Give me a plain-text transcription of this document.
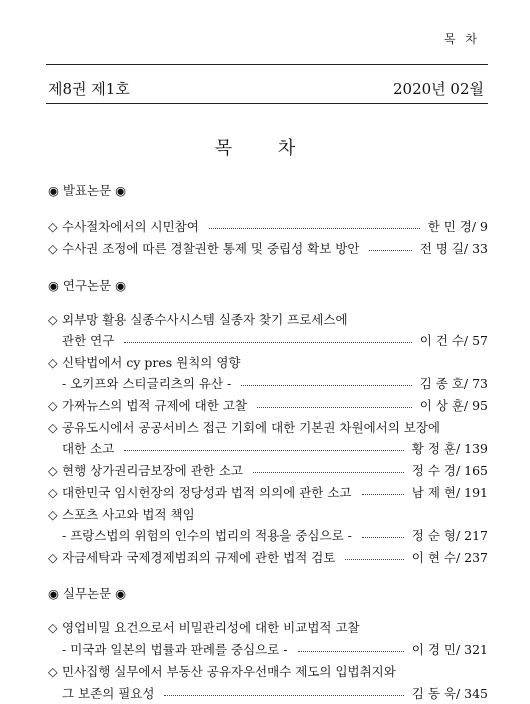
목 차
제8권 제1호	2020년 02월
목 차
◉ 발표논문 ◉
◇ 수사절차에서의 시민참여	한 민 경/ 9
◇ 수사권 조정에 따른 경찰권한 통제 및 중립성 확보 방안	전 명 길/ 33
◉ 연구논문 ◉
◇ 외부망 활용 실종수사시스템 실종자 찾기 프로세스에
관한 연구	이 건 수/ 57
◇ 신탁법에서 cy pres 원칙의 영향
- 오키프와 스티글리츠의 유산 -	김 종 호/ 73
◇ 가짜뉴스의 법적 규제에 대한 고찰	이 상 훈/ 95
◇ 공유도시에서 공공서비스 접근 기회에 대한 기본권 차원에서의 보장에
대한 소고	황 정 훈/ 139
◇ 현행 상가권리금보장에 관한 소고	정 수 경/ 165
◇ 대한민국 임시헌장의 정당성과 법적 의의에 관한 소고	남 제 현/ 191
◇ 스포츠 사고와 법적 책임
- 프랑스법의 위험의 인수의 법리의 적용을 중심으로 -	정 순 형/ 217
◇ 자금세탁과 국제경제범죄의 규제에 관한 법적 검토	이 현 수/ 237
◉ 실무논문 ◉
◇ 영업비밀 요건으로서 비밀관리성에 대한 비교법적 고찰
- 미국과 일본의 법률과 판례를 중심으로 -	이 경 민/ 321
◇ 민사집행 실무에서 부동산 공유자우선매수 제도의 입법취지와
그 보존의 필요성	김 동 욱/ 345
